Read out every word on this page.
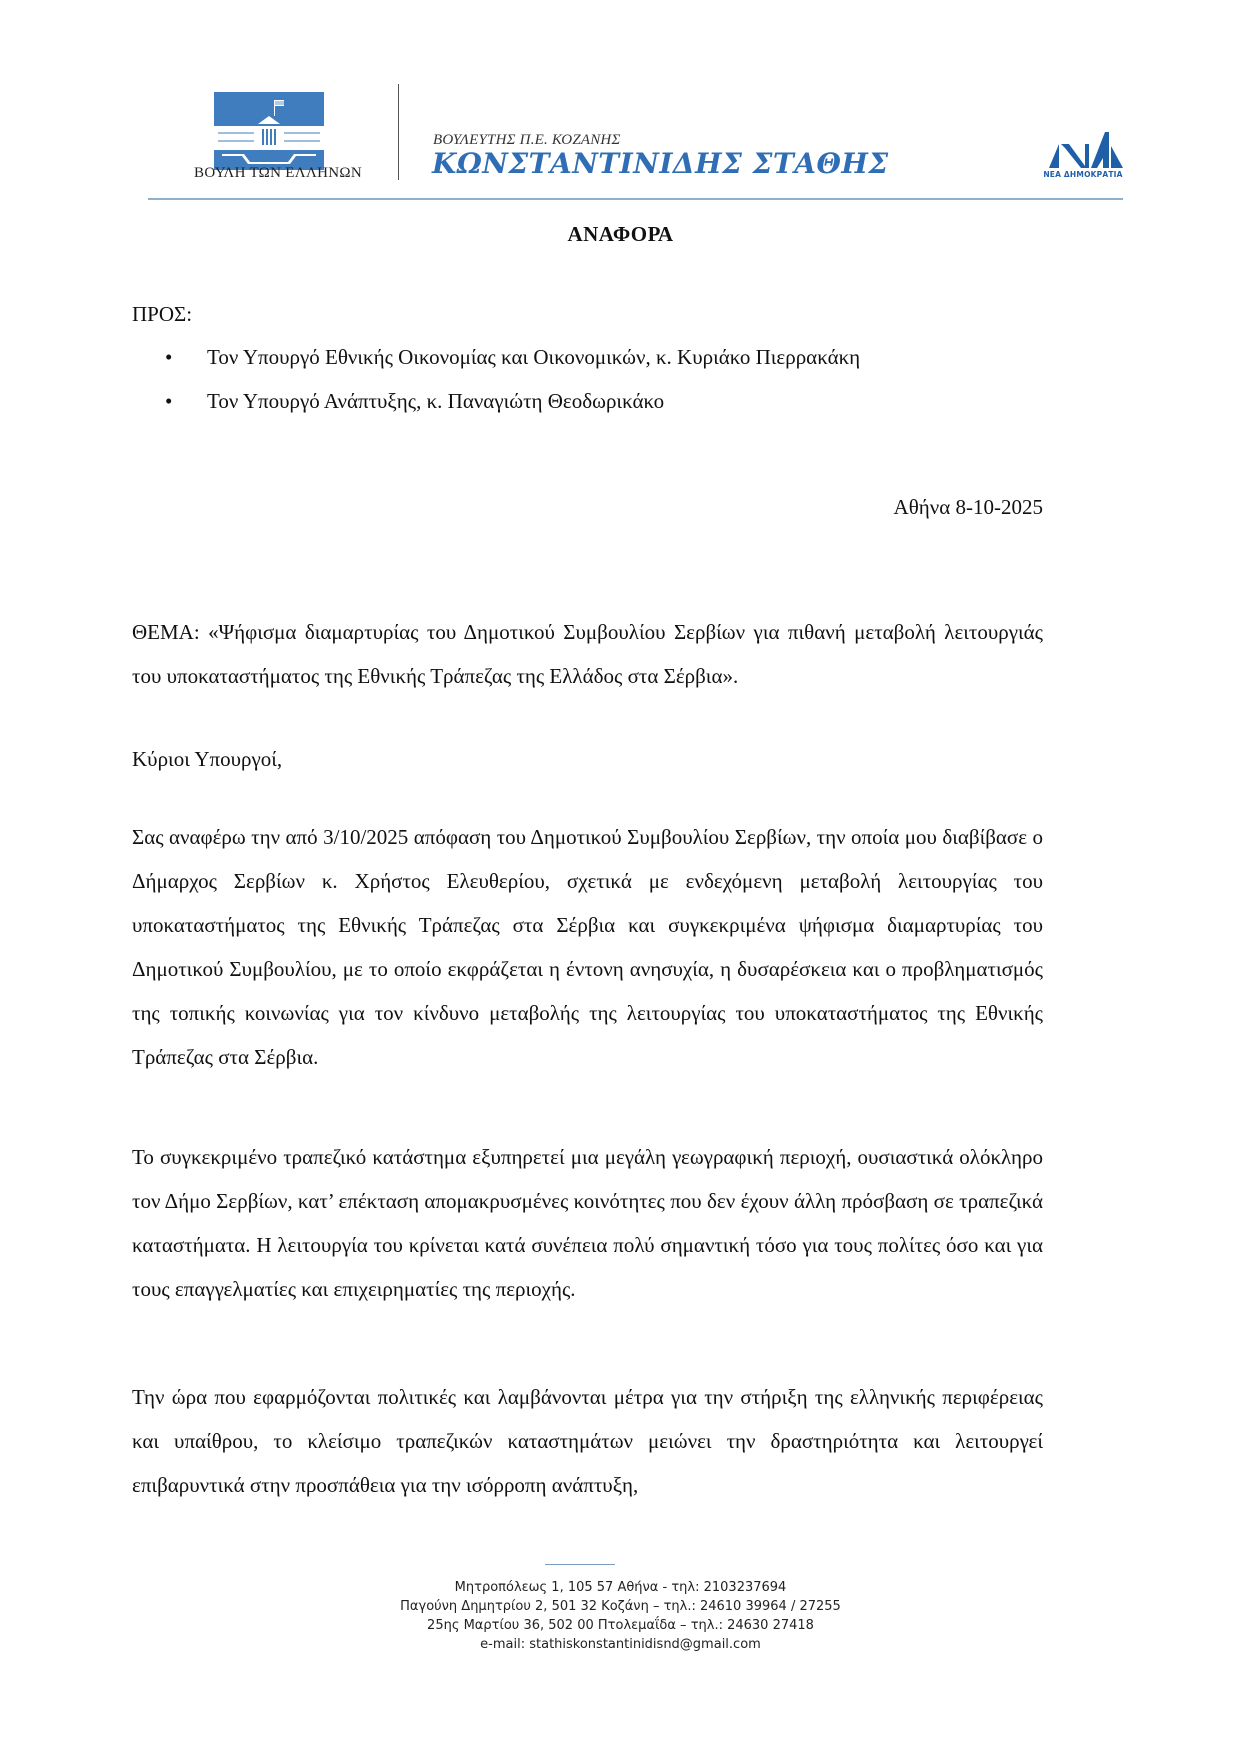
ΒΟΥΛΗ ΤΩΝ ΕΛΛΗΝΩΝ
ΒΟΥΛΕΥΤΗΣ Π.Ε. ΚΟΖΑΝΗΣ
ΚΩΝΣΤΑΝΤΙΝΙΔΗΣ ΣΤΑΘΗΣ	ΝΕΑ ΔΗΜΟΚΡΑΤΙΑ
ΑΝΑΦΟΡΑ
ΠΡΟΣ:
• Τον Υπουργό Εθνικής Οικονομίας και Οικονομικών, κ. Κυριάκο Πιερρακάκη
• Τον Υπουργό Ανάπτυξης, κ. Παναγιώτη Θεοδωρικάκο
Αθήνα 8-10-2025
ΘΕΜΑ: «Ψήφισμα διαμαρτυρίας του Δημοτικού Συμβουλίου Σερβίων για πιθανή μεταβολή λειτουργιάς του υποκαταστήματος της Εθνικής Τράπεζας της Ελλάδος στα Σέρβια».
Κύριοι Υπουργοί,
Σας αναφέρω την από 3/10/2025 απόφαση του Δημοτικού Συμβουλίου Σερβίων, την οποία μου διαβίβασε ο Δήμαρχος Σερβίων κ. Χρήστος Ελευθερίου, σχετικά με ενδεχόμενη μεταβολή λειτουργίας του υποκαταστήματος της Εθνικής Τράπεζας στα Σέρβια και συγκεκριμένα ψήφισμα διαμαρτυρίας του Δημοτικού Συμβουλίου, με το οποίο εκφράζεται η έντονη ανησυχία, η δυσαρέσκεια και ο προβληματισμός της τοπικής κοινωνίας για τον κίνδυνο μεταβολής της λειτουργίας του υποκαταστήματος της Εθνικής Τράπεζας στα Σέρβια.
Το συγκεκριμένο τραπεζικό κατάστημα εξυπηρετεί μια μεγάλη γεωγραφική περιοχή, ουσιαστικά ολόκληρο τον Δήμο Σερβίων, κατ’ επέκταση απομακρυσμένες κοινότητες που δεν έχουν άλλη πρόσβαση σε τραπεζικά καταστήματα. Η λειτουργία του κρίνεται κατά συνέπεια πολύ σημαντική τόσο για τους πολίτες όσο και για τους επαγγελματίες και επιχειρηματίες της περιοχής.
Την ώρα που εφαρμόζονται πολιτικές και λαμβάνονται μέτρα για την στήριξη της ελληνικής περιφέρειας και υπαίθρου, το κλείσιμο τραπεζικών καταστημάτων μειώνει την δραστηριότητα και λειτουργεί επιβαρυντικά στην προσπάθεια για την ισόρροπη ανάπτυξη,
Μητροπόλεως 1, 105 57 Αθήνα - τηλ: 2103237694
Παγούνη Δημητρίου 2, 501 32 Κοζάνη – τηλ.: 24610 39964 / 27255
25ης Μαρτίου 36, 502 00 Πτολεμαΐδα – τηλ.: 24630 27418
e-mail: stathiskonstantinidisnd@gmail.com
